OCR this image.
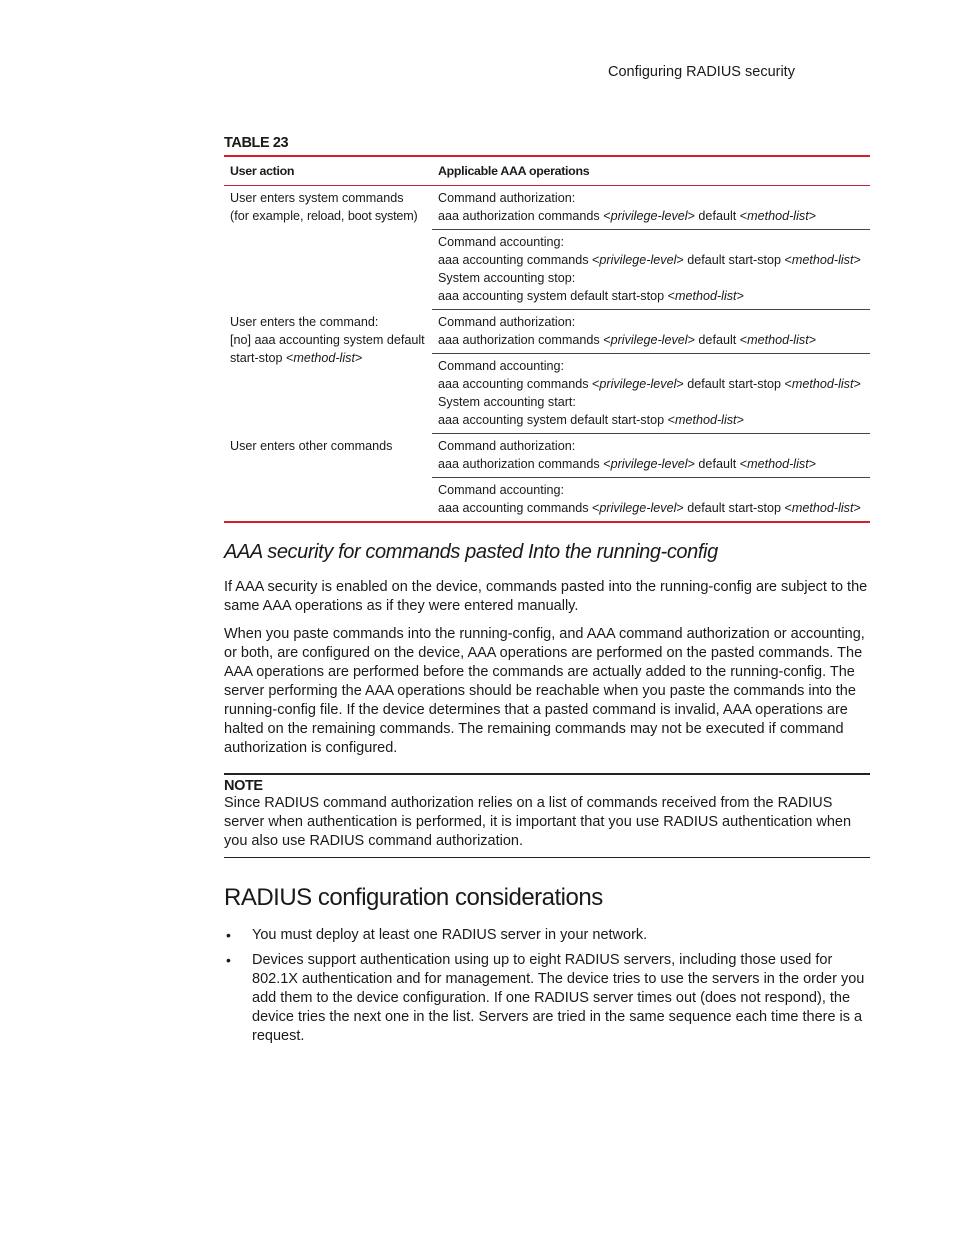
Configuring RADIUS security
TABLE 23
User action	Applicable AAA operations

User enters system commands
(for example, reload, boot system)	Command authorization:
aaa authorization commands <privilege-level> default <method-list>

	Command accounting:
aaa accounting commands <privilege-level> default start-stop <method-list>
System accounting stop:
aaa accounting system default start-stop <method-list>

User enters the command:
[no] aaa accounting system default
start-stop <method-list>	Command authorization:
aaa authorization commands <privilege-level> default <method-list>

	Command accounting:
aaa accounting commands <privilege-level> default start-stop <method-list>
System accounting start:
aaa accounting system default start-stop <method-list>

User enters other commands	Command authorization:
aaa authorization commands <privilege-level> default <method-list>

	Command accounting:
aaa accounting commands <privilege-level> default start-stop <method-list>
AAA security for commands pasted Into the running-config

If AAA security is enabled on the device, commands pasted into the running-config are subject to the same AAA operations as if they were entered manually.

When you paste commands into the running-config, and AAA command authorization or accounting, or both, are configured on the device, AAA operations are performed on the pasted commands. The AAA operations are performed before the commands are actually added to the running-config. The server performing the AAA operations should be reachable when you paste the commands into the running-config file. If the device determines that a pasted command is invalid, AAA operations are halted on the remaining commands. The remaining commands may not be executed if command authorization is configured.

NOTE

Since RADIUS command authorization relies on a list of commands received from the RADIUS server when authentication is performed, it is important that you use RADIUS authentication when you also use RADIUS command authorization.

RADIUS configuration considerations
• You must deploy at least one RADIUS server in your network.
• Devices support authentication using up to eight RADIUS servers, including those used for 802.1X authentication and for management. The device tries to use the servers in the order you add them to the device configuration. If one RADIUS server times out (does not respond), the device tries the next one in the list. Servers are tried in the same sequence each time there is a request.
